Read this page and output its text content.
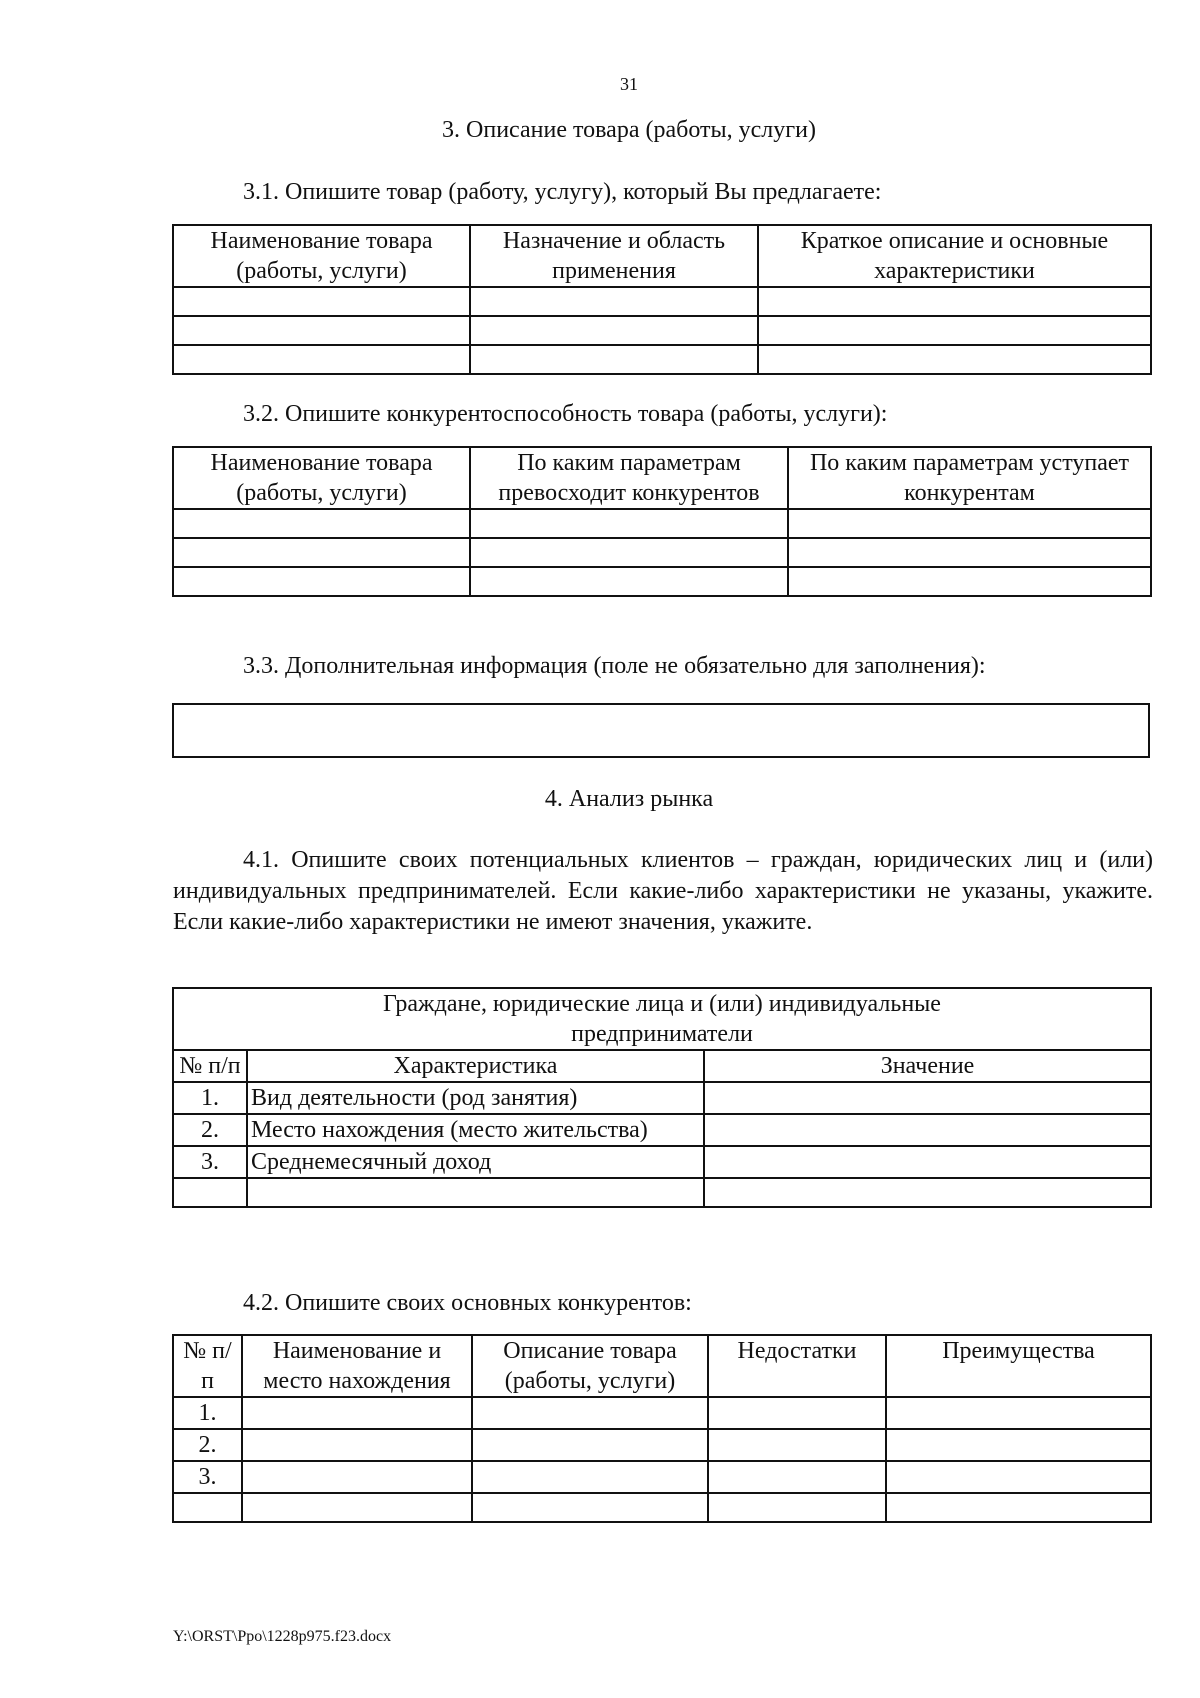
31
3. Описание товара (работы, услуги)
3.1. Опишите товар (работу, услугу), который Вы предлагаете:
Наименование товара (работы, услуги)	Назначение и область применения	Краткое описание и основные характеристики

3.2. Опишите конкурентоспособность товара (работы, услуги):
Наименование товара (работы, услуги)	По каким параметрам превосходит конкурентов	По каким параметрам уступает конкурентам

3.3. Дополнительная информация (поле не обязательно для заполнения):
4. Анализ рынка
4.1. Опишите своих потенциальных клиентов – граждан, юридических лиц и (или) индивидуальных предпринимателей. Если какие-либо характеристики не указаны, укажите. Если какие-либо характеристики не имеют значения, укажите.
Граждане, юридические лица и (или) индивидуальные предприниматели		
№ п/п	Характеристика	Значение
1.	Вид деятельности (род занятия)	
2.	Место нахождения (место жительства)	
3.	Среднемесячный доход	

4.2. Опишите своих основных конкурентов:
№ п/п	Наименование и место нахождения	Описание товара (работы, услуги)	Недостатки	Преимущества
1.				
2.				
3.				

Y:\ORST\Ppo\1228p975.f23.docx
